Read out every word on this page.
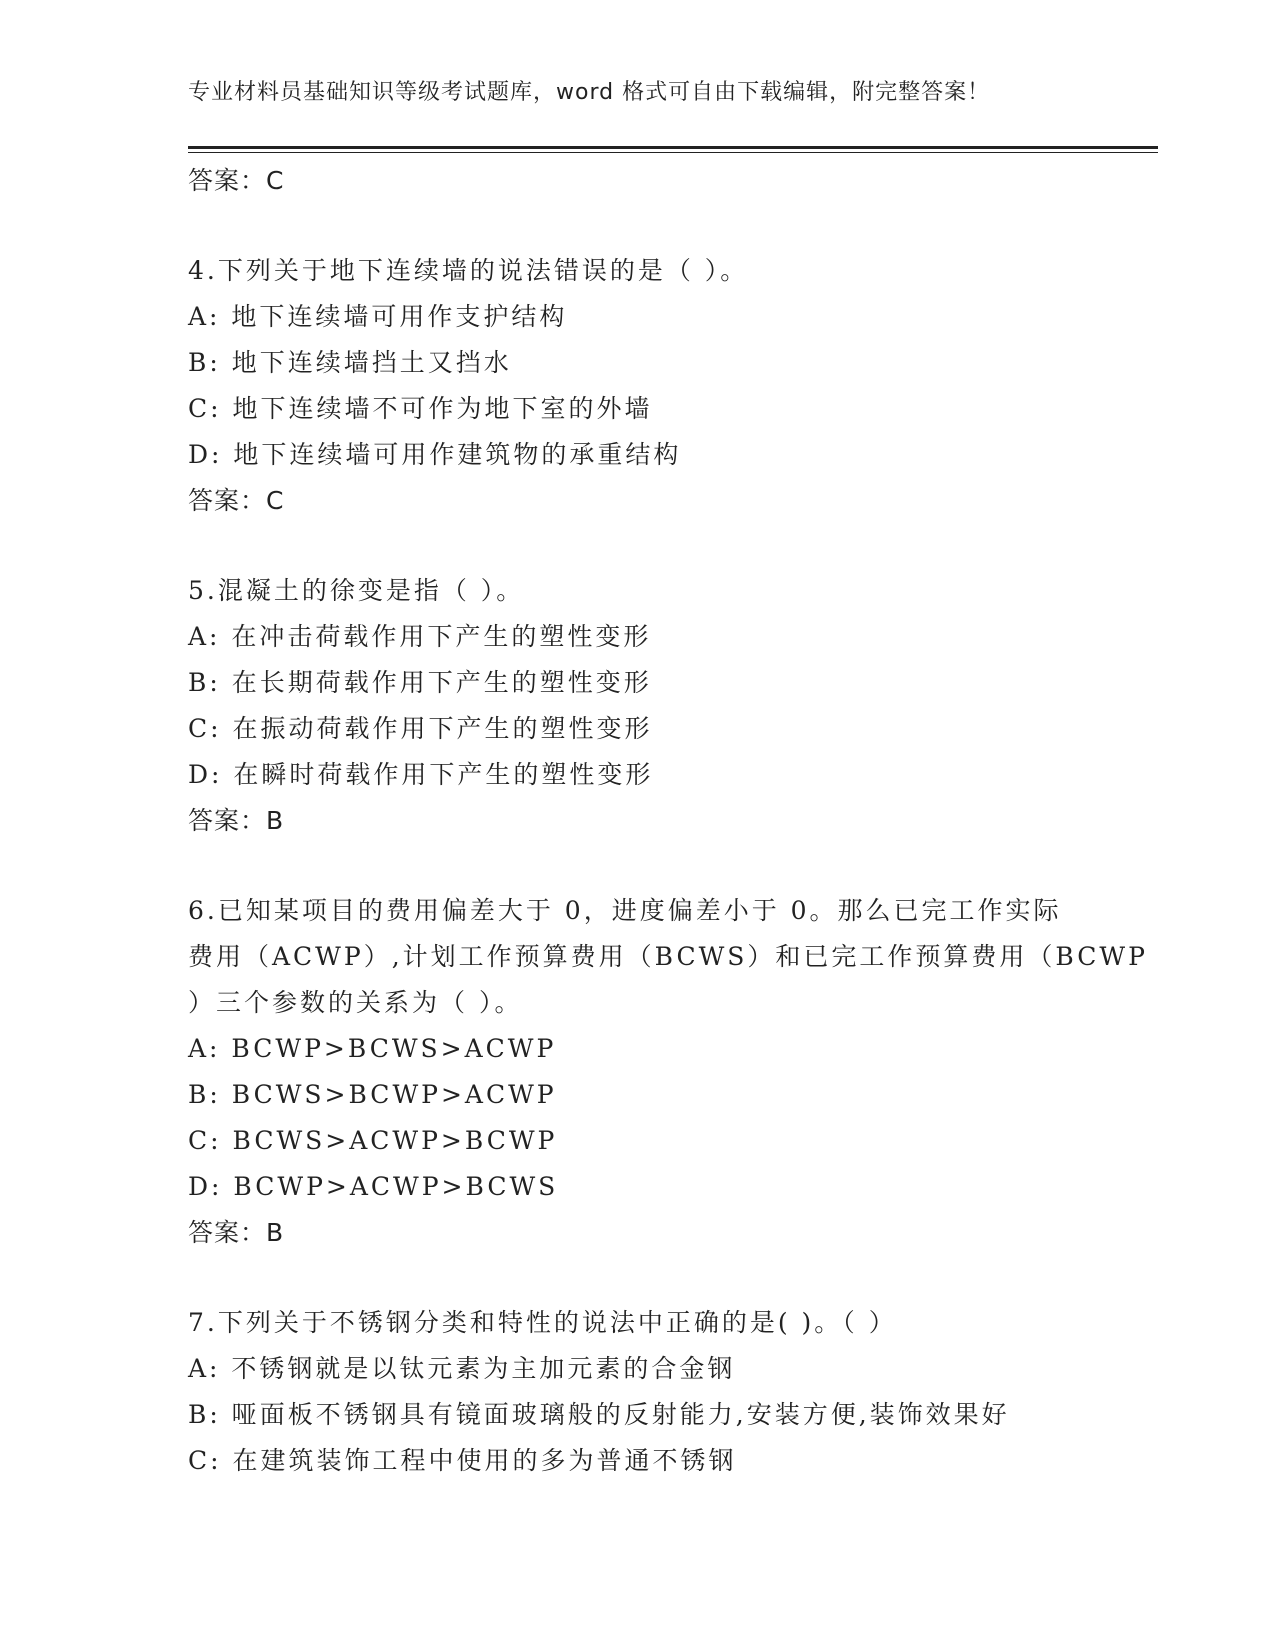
专业材料员基础知识等级考试题库，word 格式可自由下载编辑，附完整答案！
答案：C
4.下列关于地下连续墙的说法错误的是（ ）。
A: 地下连续墙可用作支护结构
B: 地下连续墙挡土又挡水
C: 地下连续墙不可作为地下室的外墙
D: 地下连续墙可用作建筑物的承重结构
答案：C
5.混凝土的徐变是指（ ）。
A: 在冲击荷载作用下产生的塑性变形
B: 在长期荷载作用下产生的塑性变形
C: 在振动荷载作用下产生的塑性变形
D: 在瞬时荷载作用下产生的塑性变形
答案：B
6.已知某项目的费用偏差大于 0，进度偏差小于 0。那么已完工作实际
费用（ACWP）,计划工作预算费用（BCWS）和已完工作预算费用（BCWP
）三个参数的关系为（ ）。
A: BCWP>BCWS>ACWP
B: BCWS>BCWP>ACWP
C: BCWS>ACWP>BCWP
D: BCWP>ACWP>BCWS
答案：B
7.下列关于不锈钢分类和特性的说法中正确的是( )。（ ）
A: 不锈钢就是以钛元素为主加元素的合金钢
B: 哑面板不锈钢具有镜面玻璃般的反射能力,安装方便,装饰效果好
C: 在建筑装饰工程中使用的多为普通不锈钢
